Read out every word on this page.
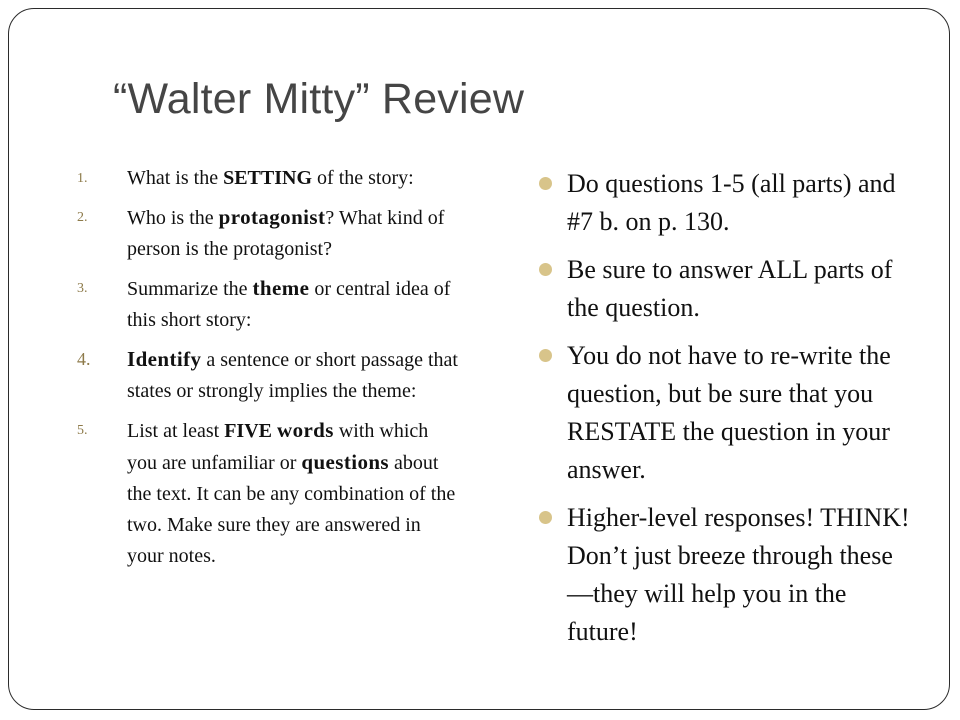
“Walter Mitty” Review
1. What is the SETTING of the story:
2. Who is the protagonist? What kind of person is the protagonist?
3. Summarize the theme or central idea of this short story:
4. Identify a sentence or short passage that states or strongly implies the theme:
5. List at least FIVE words with which you are unfamiliar or questions about the text. It can be any combination of the two. Make sure they are answered in your notes.
Do questions 1-5 (all parts) and #7 b. on p. 130.
Be sure to answer ALL parts of the question.
You do not have to re-write the question, but be sure that you RESTATE the question in your answer.
Higher-level responses! THINK! Don’t just breeze through these—they will help you in the future!
